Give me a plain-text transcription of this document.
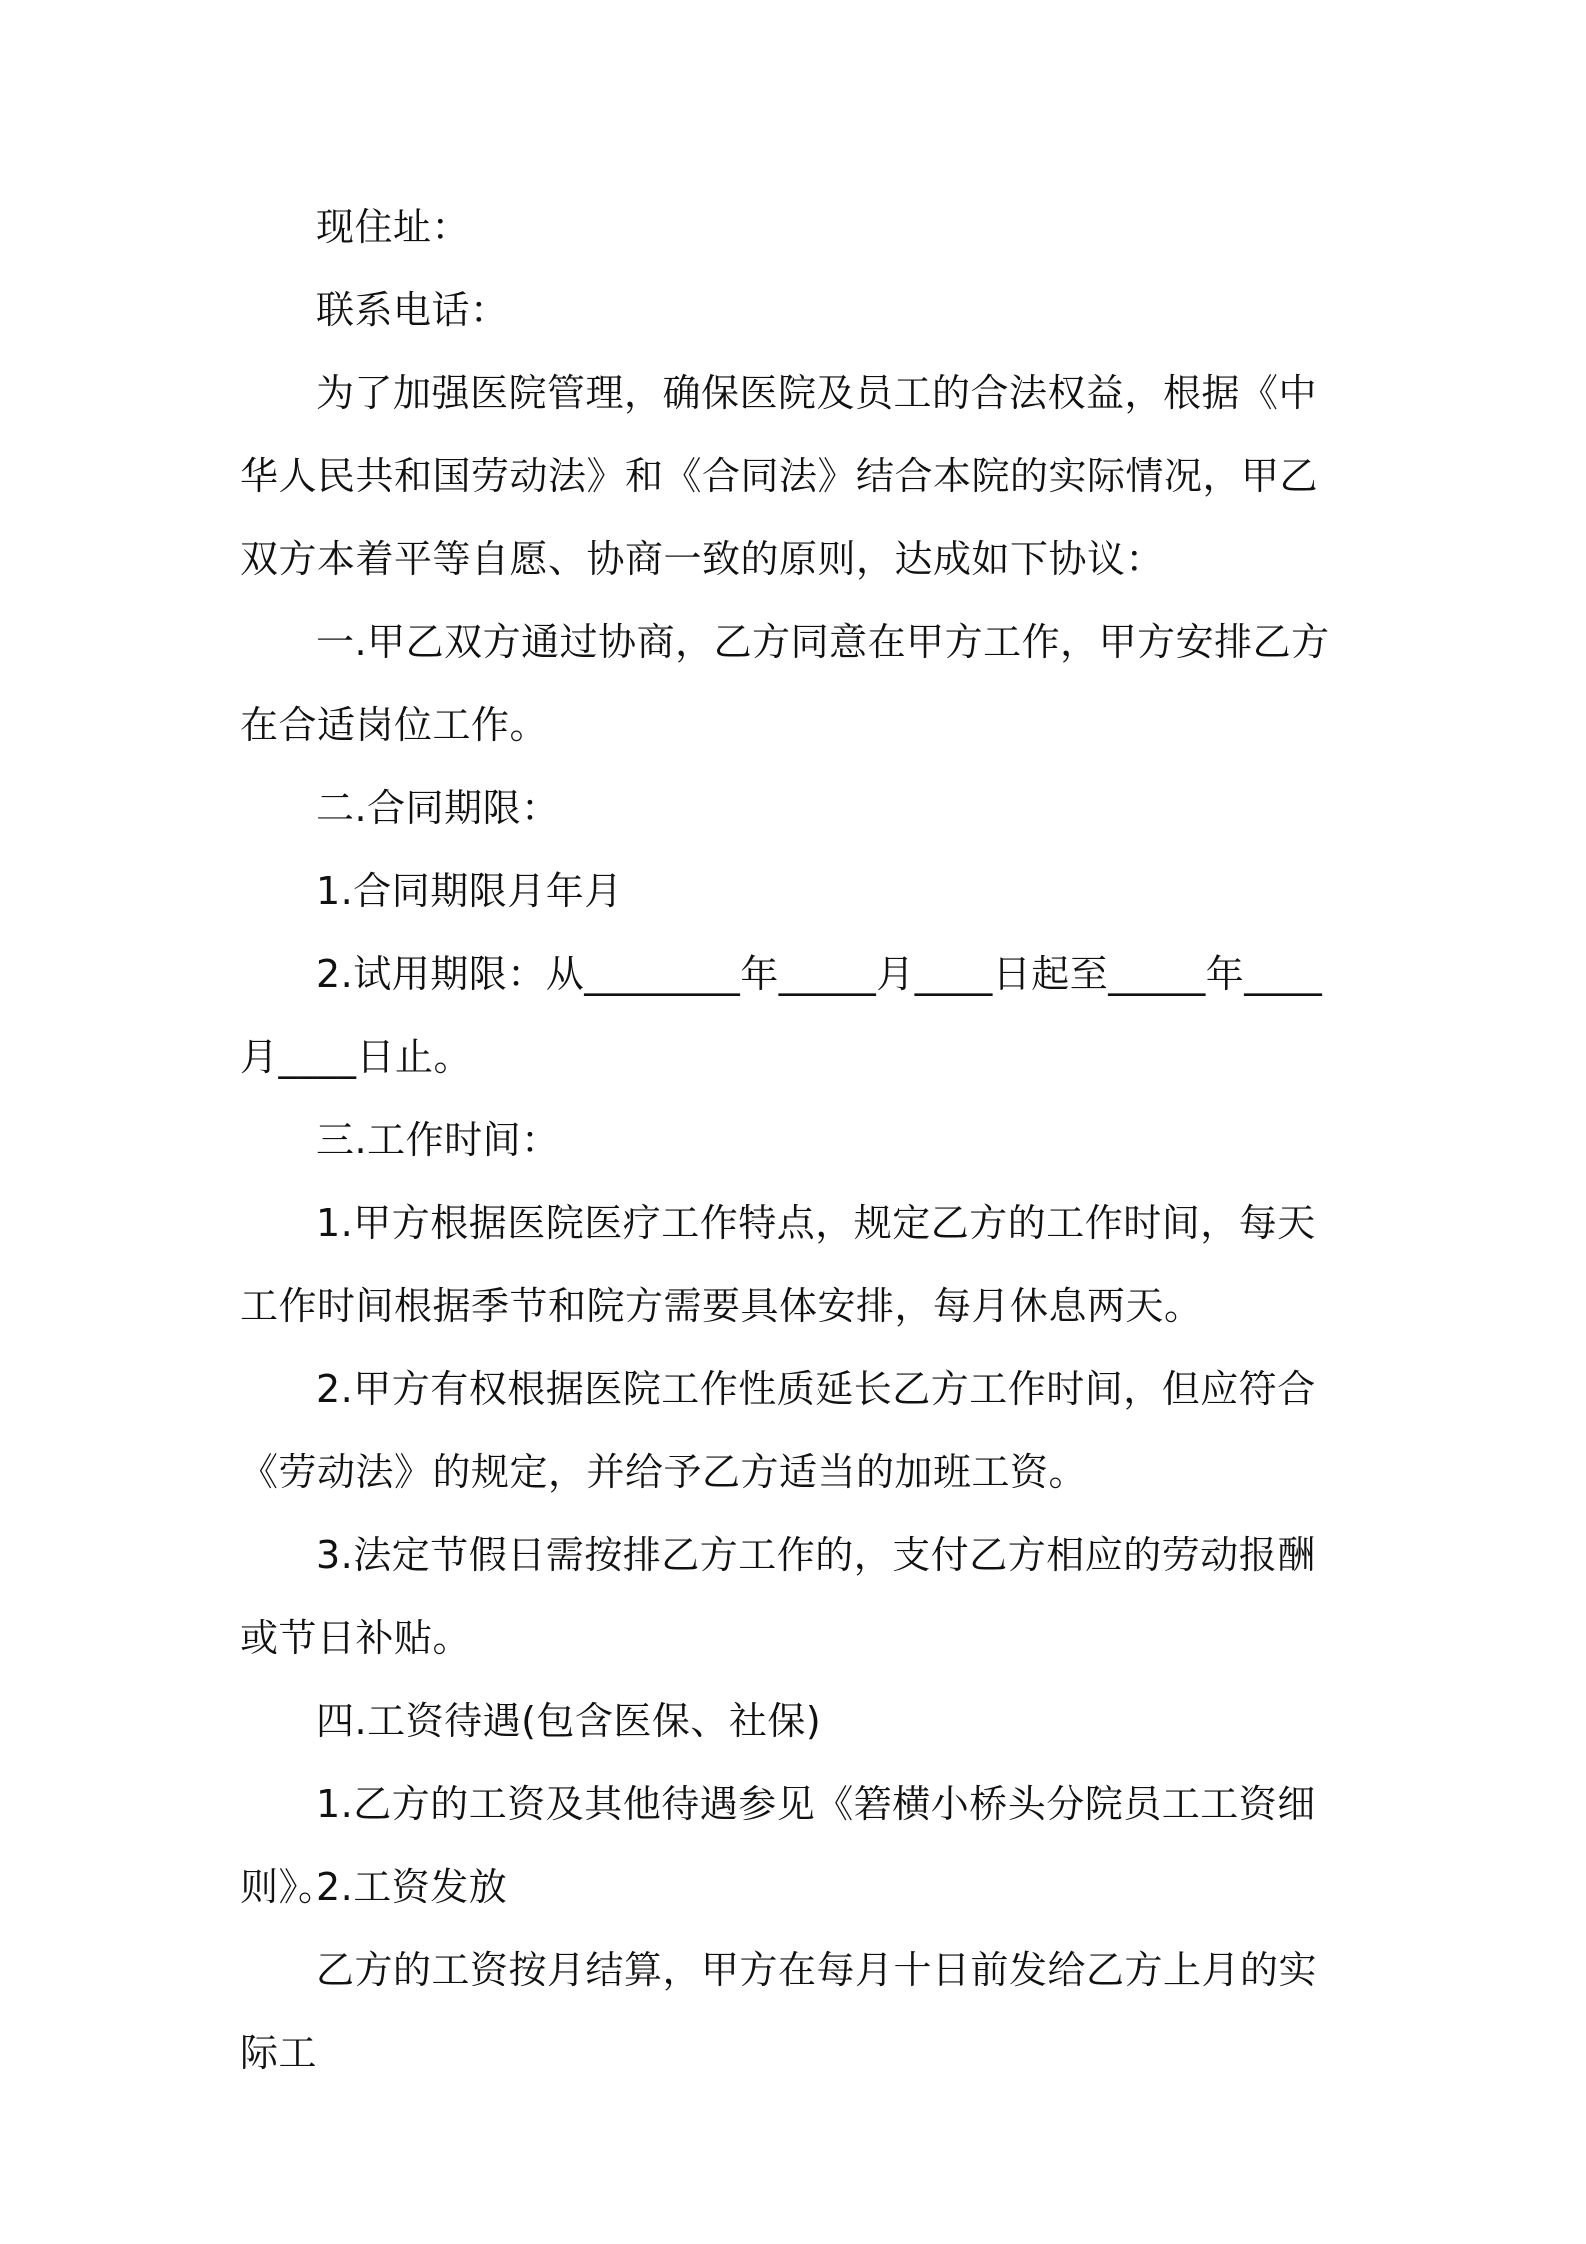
现住址：

联系电话：

为了加强医院管理，确保医院及员工的合法权益，根据《中华人民共和国劳动法》和《合同法》结合本院的实际情况，甲乙双方本着平等自愿、协商一致的原则，达成如下协议：

一.甲乙双方通过协商，乙方同意在甲方工作，甲方安排乙方在合适岗位工作。

二.合同期限：

1.合同期限月年月

2.试用期限：从________年_____月____日起至_____年____月____日止。

三.工作时间：

1.甲方根据医院医疗工作特点，规定乙方的工作时间，每天工作时间根据季节和院方需要具体安排，每月休息两天。

2.甲方有权根据医院工作性质延长乙方工作时间，但应符合《劳动法》的规定，并给予乙方适当的加班工资。

3.法定节假日需按排乙方工作的，支付乙方相应的劳动报酬或节日补贴。

四.工资待遇(包含医保、社保)

1.乙方的工资及其他待遇参见《箬横小桥头分院员工工资细则》。

2.工资发放

乙方的工资按月结算，甲方在每月十日前发给乙方上月的实际工
